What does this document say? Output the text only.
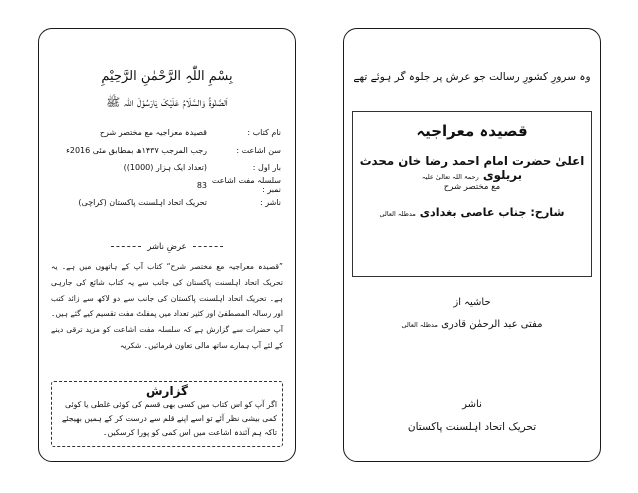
بِسْمِ اللّٰہِ الرَّحْمٰنِ الرَّحِیْمِ
اَلصَّلٰوۃُ وَالسَّلَامُ عَلَیْکَ یَارَسُوْلَ اللّٰہ ﷺ
نام کتاب :
قصیدہ معراجیہ مع مختصر شرح
سن اشاعت :
رجب المرجب ۱۴۳۷ھ بمطابق مئی 2016ء
بار اول :
(تعداد ایک ہزار (1000))
سلسلہ مفت اشاعت نمبر :
83
ناشر :
تحریک اتحاد اہلسنت پاکستان (کراچی)
عرضِ ناشر
”قصیدہ معراجیہ مع مختصر شرح“ کتاب آپ کے ہاتھوں میں ہے۔ یہ تحریک اتحاد اہلسنت پاکستان کی جانب سے یہ کتاب شائع کی جارہی ہے۔ تحریک اتحاد اہلسنت پاکستان کی جانب سے دو لاکھ سے زائد کتب اور رسالہ المصطفیٰ اور کثیر تعداد میں پمفلٹ مفت تقسیم کیے گئے ہیں۔ آپ حضرات سے گزارش ہے کہ سلسلہ مفت اشاعت کو مزید ترقی دینے کے لئے آپ ہمارے ساتھ مالی تعاون فرمائیں۔ شکریہ
گزارش
اگر آپ کو اس کتاب میں کسی بھی قسم کی کوئی غلطی یا کوئی کمی بیشی نظر آئے تو اسے اپنے قلم سے درست کر کے ہمیں بھیجئے تاکہ ہم آئندہ اشاعت میں اس کمی کو پورا کرسکیں۔
وہ سرورِ کشورِ رسالت جو عرش پر جلوہ گر ہوئے تھے
قصیدہ معراجیہ
اعلیٰ حضرت امام احمد رضا خان محدث بریلوی رحمۃ اللہ تعالیٰ علیہ
مع مختصر شرح
شارح: جناب عاصی بغدادی مدظلہ العالی
حاشیہ از
مفتی عبد الرحمٰن قادری مدظلہ العالی
ناشر
تحریک اتحاد اہلسنت پاکستان
